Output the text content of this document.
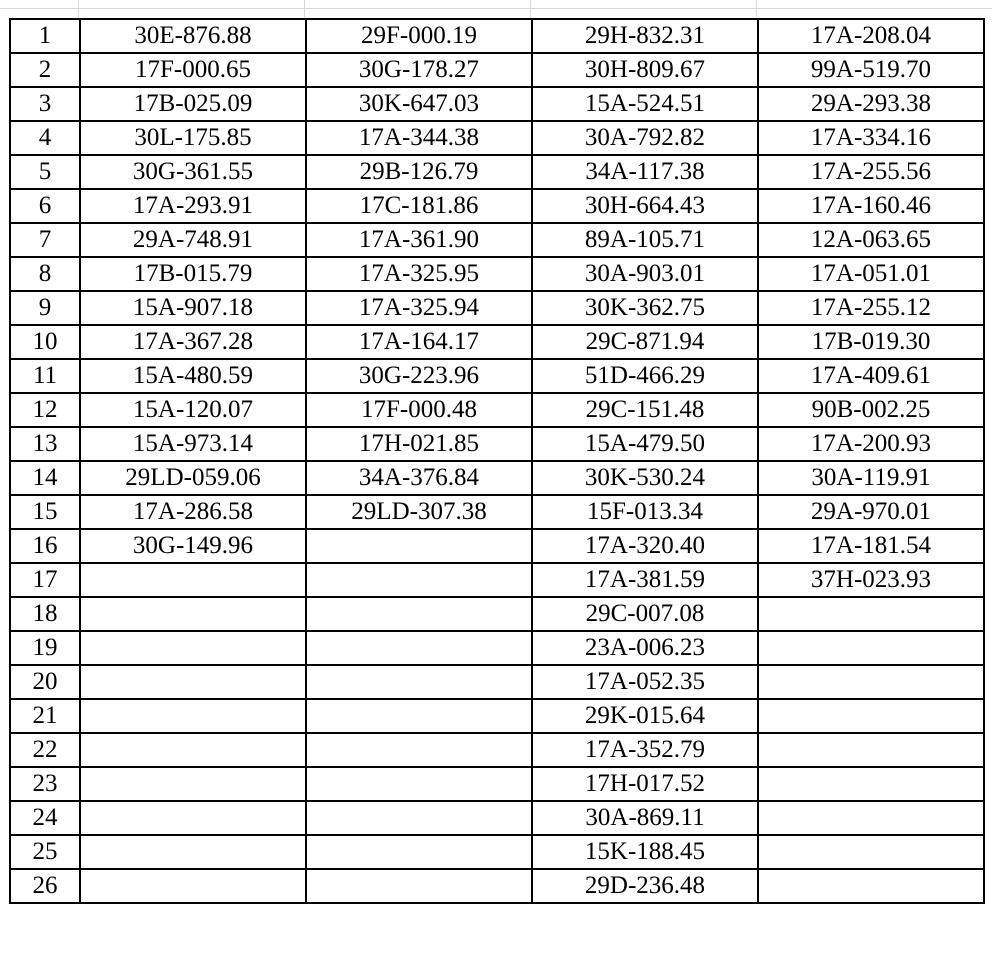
1	30E-876.88	29F-000.19	29H-832.31	17A-208.04
2	17F-000.65	30G-178.27	30H-809.67	99A-519.70
3	17B-025.09	30K-647.03	15A-524.51	29A-293.38
4	30L-175.85	17A-344.38	30A-792.82	17A-334.16
5	30G-361.55	29B-126.79	34A-117.38	17A-255.56
6	17A-293.91	17C-181.86	30H-664.43	17A-160.46
7	29A-748.91	17A-361.90	89A-105.71	12A-063.65
8	17B-015.79	17A-325.95	30A-903.01	17A-051.01
9	15A-907.18	17A-325.94	30K-362.75	17A-255.12
10	17A-367.28	17A-164.17	29C-871.94	17B-019.30
11	15A-480.59	30G-223.96	51D-466.29	17A-409.61
12	15A-120.07	17F-000.48	29C-151.48	90B-002.25
13	15A-973.14	17H-021.85	15A-479.50	17A-200.93
14	29LD-059.06	34A-376.84	30K-530.24	30A-119.91
15	17A-286.58	29LD-307.38	15F-013.34	29A-970.01
16	30G-149.96		17A-320.40	17A-181.54
17			17A-381.59	37H-023.93
18			29C-007.08	
19			23A-006.23	
20			17A-052.35	
21			29K-015.64	
22			17A-352.79	
23			17H-017.52	
24			30A-869.11	
25			15K-188.45	
26			29D-236.48	
